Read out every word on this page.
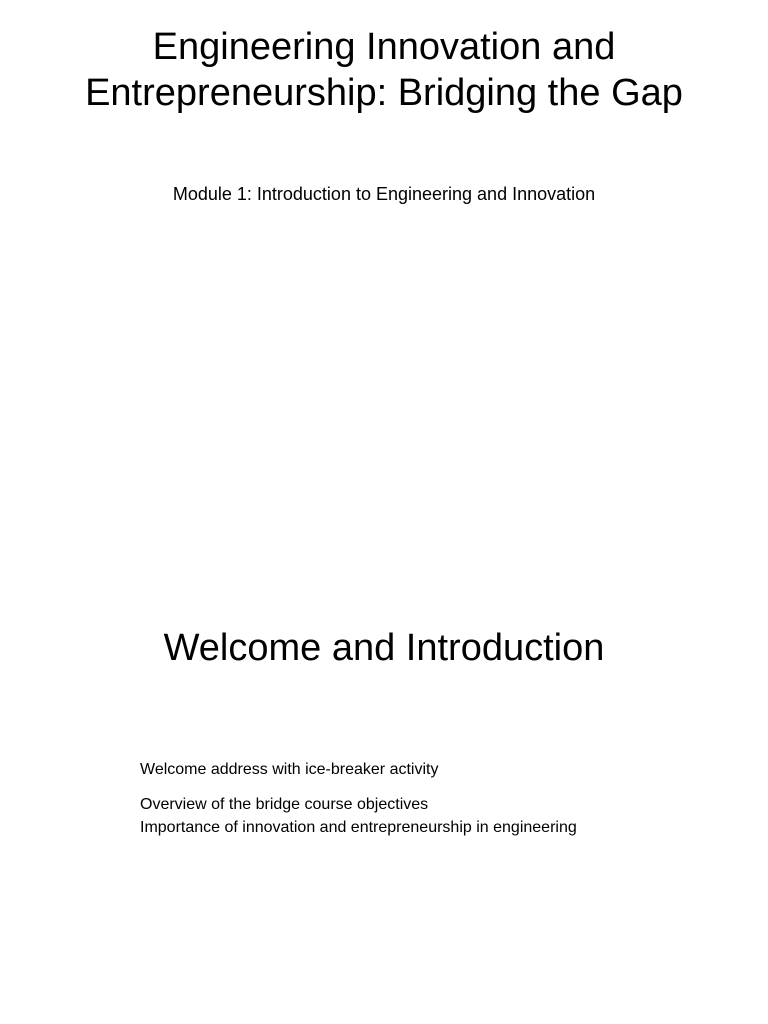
Engineering Innovation and
Entrepreneurship: Bridging the Gap

Module 1: Introduction to Engineering and Innovation

Welcome and Introduction
Welcome address with ice-breaker activity
Overview of the bridge course objectives
Importance of innovation and entrepreneurship in engineering
